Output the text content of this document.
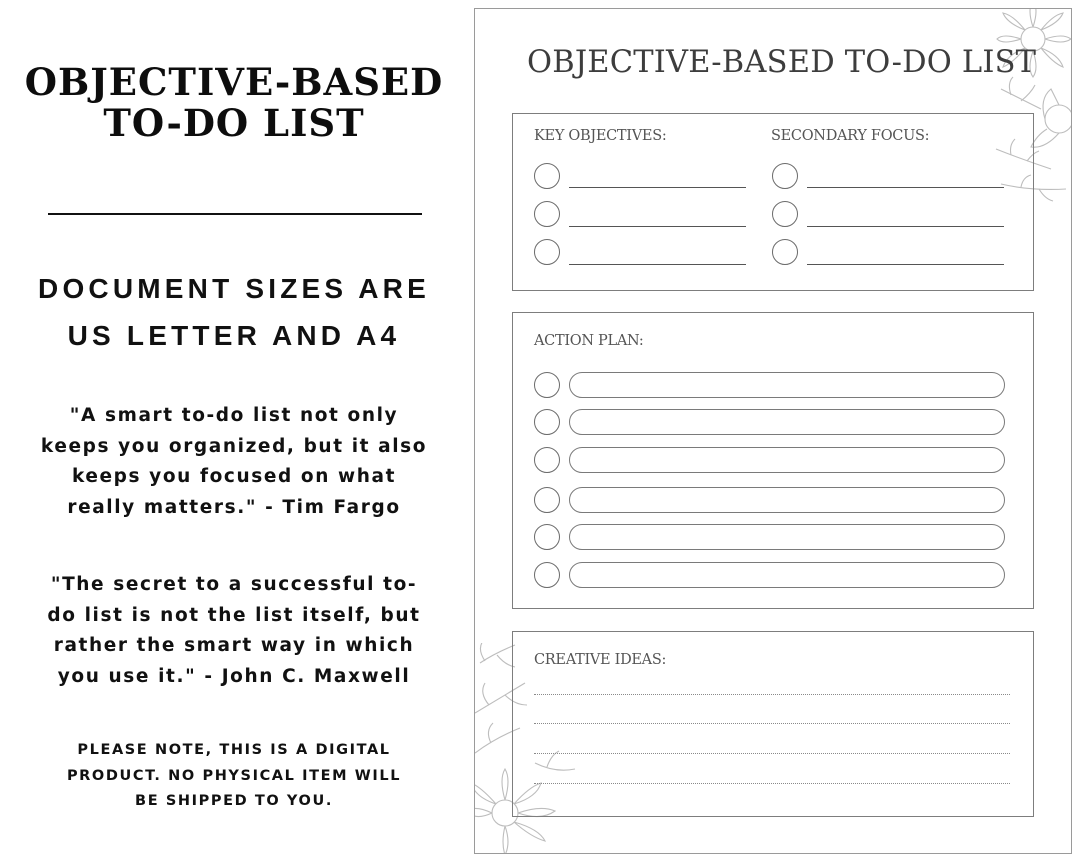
OBJECTIVE-BASED
TO-DO LIST
DOCUMENT SIZES ARE
US LETTER AND A4
"A smart to-do list not only
keeps you organized, but it also
keeps you focused on what
really matters." - Tim Fargo
"The secret to a successful to-
do list is not the list itself, but
rather the smart way in which
you use it." - John C. Maxwell
PLEASE NOTE, THIS IS A DIGITAL
PRODUCT. NO PHYSICAL ITEM WILL
BE SHIPPED TO YOU.
OBJECTIVE-BASED TO-DO LIST
KEY OBJECTIVES:	SECONDARY FOCUS:
ACTION PLAN:
CREATIVE IDEAS:
